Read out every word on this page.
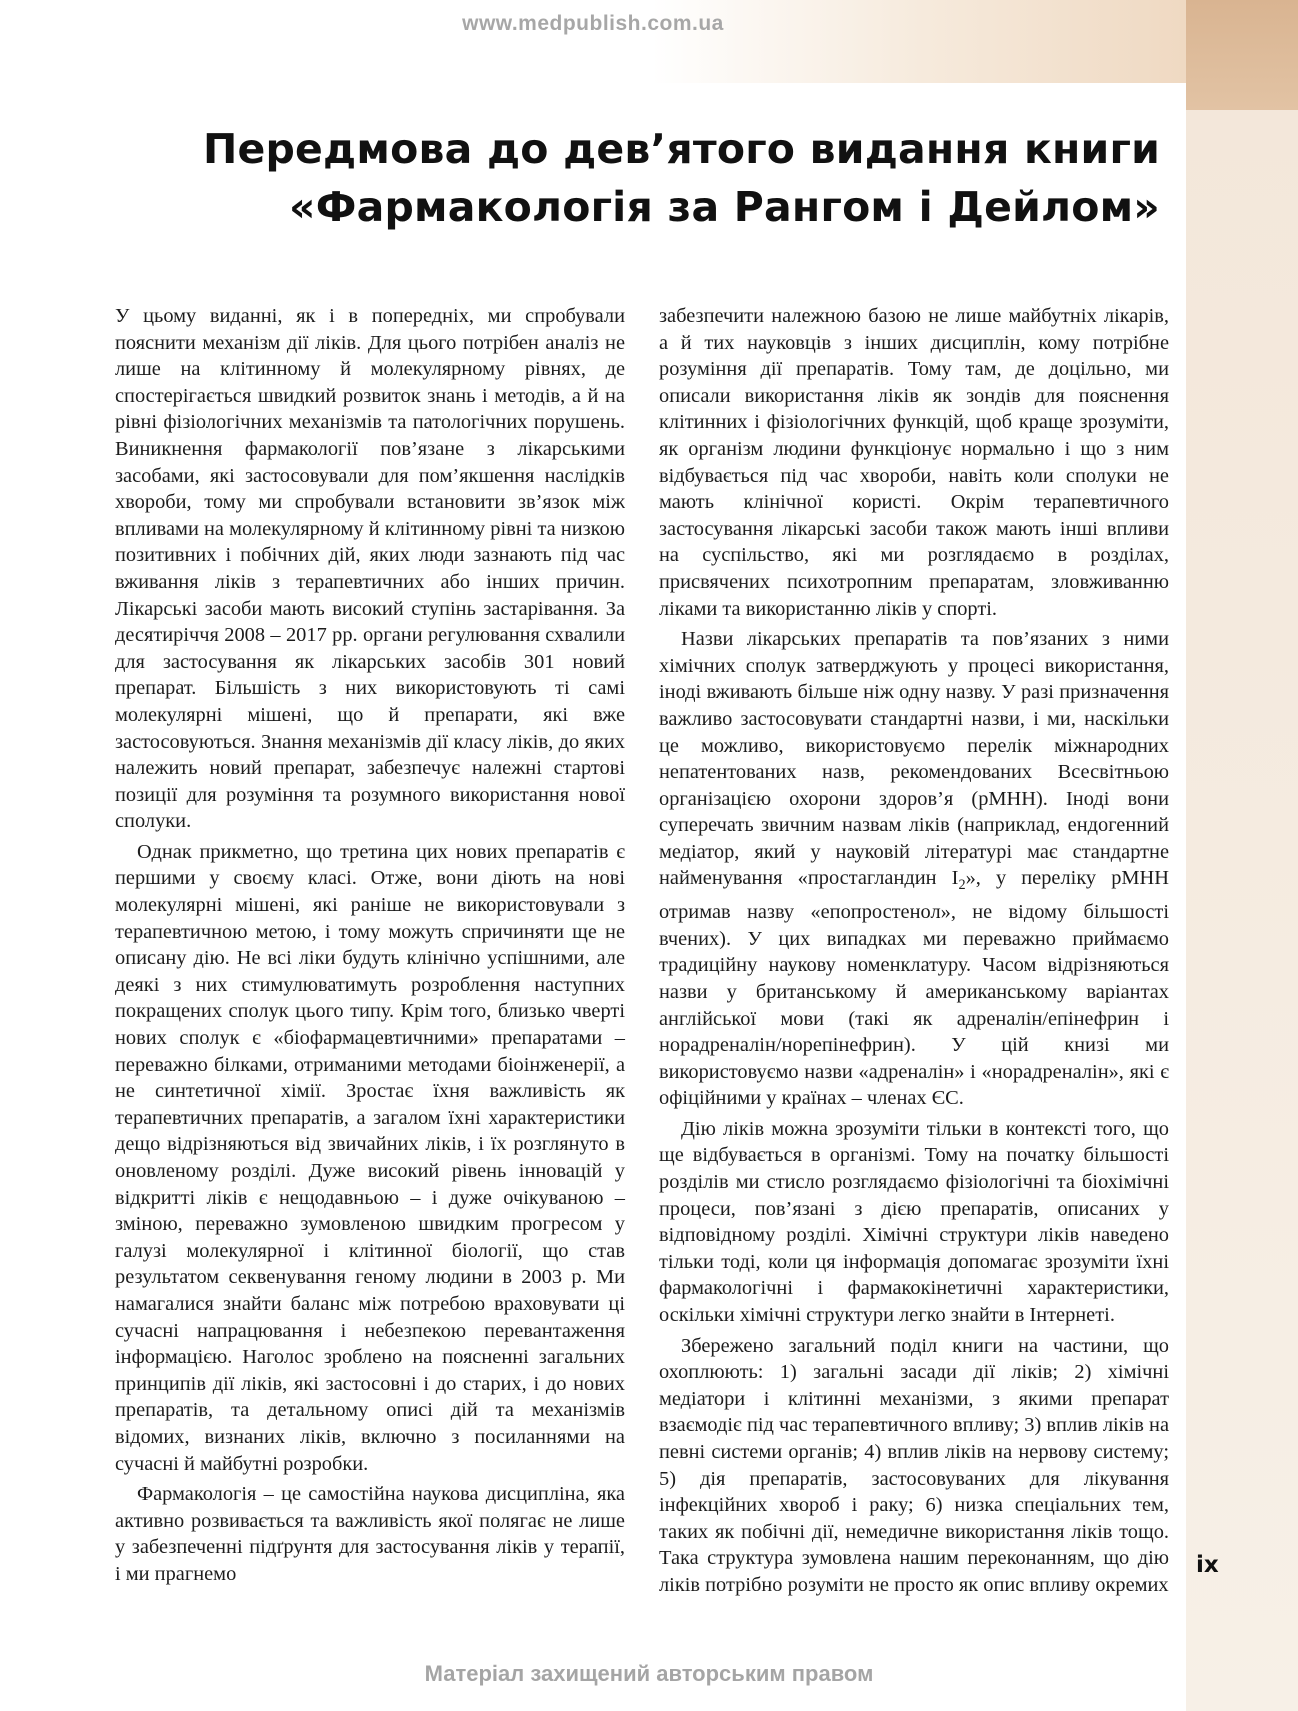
www.medpublish.com.ua
Передмова до дев’ятого видання книги
«Фармакологія за Рангом і Дейлом»

У цьому виданні, як і в попередніх, ми спробували пояснити механізм дії ліків. Для цього потрібен аналіз не лише на клітинному й молекулярному рівнях, де спостерігається швидкий розвиток знань і методів, а й на рівні фізіологічних механізмів та патологічних порушень. Виникнення фармакології пов’язане з лікарськими засобами, які застосовували для пом’якшення наслідків хвороби, тому ми спробували встановити зв’язок між впливами на молекулярному й клітинному рівні та низкою позитивних і побічних дій, яких люди зазнають під час вживання ліків з терапевтичних або інших причин. Лікарські засоби мають високий ступінь застарівання. За десятиріччя 2008 – 2017 рр. органи регулювання схвалили для застосування як лікарських засобів 301 новий препарат. Більшість з них використовують ті самі молекулярні мішені, що й препарати, які вже застосовуються. Знання механізмів дії класу ліків, до яких належить новий препарат, забезпечує належні стартові позиції для розуміння та розумного використання нової сполуки.

Однак прикметно, що третина цих нових препаратів є першими у своєму класі. Отже, вони діють на нові молекулярні мішені, які раніше не використовували з терапевтичною метою, і тому можуть спричиняти ще не описану дію. Не всі ліки будуть клінічно успішними, але деякі з них стимулюватимуть розроблення наступних покращених сполук цього типу. Крім того, близько чверті нових сполук є «біофармацевтичними» препаратами – переважно білками, отриманими методами біоінженерії, а не синтетичної хімії. Зростає їхня важливість як терапевтичних препаратів, а загалом їхні характеристики дещо відрізняються від звичайних ліків, і їх розглянуто в оновленому розділі. Дуже високий рівень інновацій у відкритті ліків є нещодавньою – і дуже очікуваною – зміною, переважно зумовленою швидким прогресом у галузі молекулярної і клітинної біології, що став результатом секвенування геному людини в 2003 р. Ми намагалися знайти баланс між потребою враховувати ці сучасні напрацювання і небезпекою перевантаження інформацією. Наголос зроблено на поясненні загальних принципів дії ліків, які застосовні і до старих, і до нових препаратів, та детальному описі дій та механізмів відомих, визнаних ліків, включно з посиланнями на сучасні й майбутні розробки.

Фармакологія – це самостійна наукова дисципліна, яка активно розвивається та важливість якої полягає не лише у забезпеченні підґрунтя для застосування ліків у терапії, і ми прагнемо

забезпечити належною базою не лише майбутніх лікарів, а й тих науковців з інших дисциплін, кому потрібне розуміння дії препаратів. Тому там, де доцільно, ми описали використання ліків як зондів для пояснення клітинних і фізіологічних функцій, щоб краще зрозуміти, як організм людини функціонує нормально і що з ним відбувається під час хвороби, навіть коли сполуки не мають клінічної користі. Окрім терапевтичного застосування лікарські засоби також мають інші впливи на суспільство, які ми розглядаємо в розділах, присвячених психотропним препаратам, зловживанню ліками та використанню ліків у спорті.

Назви лікарських препаратів та пов’язаних з ними хімічних сполук затверджують у процесі використання, іноді вживають більше ніж одну назву. У разі призначення важливо застосовувати стандартні назви, і ми, наскільки це можливо, використовуємо перелік міжнародних непатентованих назв, рекомендованих Всесвітньою організацією охорони здоров’я (рМНН). Іноді вони суперечать звичним назвам ліків (наприклад, ендогенний медіатор, який у науковій літературі має стандартне найменування «простагландин $I_2$», у переліку рМНН отримав назву «епопростенол», не відому більшості вчених). У цих випадках ми переважно приймаємо традиційну наукову номенклатуру. Часом відрізняються назви у британському й американському варіантах англійської мови (такі як адреналін/епінефрин і норадреналін/норепінефрин). У цій книзі ми використовуємо назви «адреналін» і «норадреналін», які є офіційними у країнах – членах ЄС.

Дію ліків можна зрозуміти тільки в контексті того, що ще відбувається в організмі. Тому на початку більшості розділів ми стисло розглядаємо фізіологічні та біохімічні процеси, пов’язані з дією препаратів, описаних у відповідному розділі. Хімічні структури ліків наведено тільки тоді, коли ця інформація допомагає зрозуміти їхні фармакологічні і фармакокінетичні характеристики, оскільки хімічні структури легко знайти в Інтернеті.

Збережено загальний поділ книги на частини, що охоплюють: 1) загальні засади дії ліків; 2) хімічні медіатори і клітинні механізми, з якими препарат взаємодіє під час терапевтичного впливу; 3) вплив ліків на певні системи органів; 4) вплив ліків на нервову систему; 5) дія препаратів, застосовуваних для лікування інфекційних хвороб і раку; 6) низка спеціальних тем, таких як побічні дії, немедичне використання ліків тощо. Така структура зумовлена нашим переконанням, що дію ліків потрібно розуміти не просто як опис впливу окремих

ix
Матеріал захищений авторським правом
